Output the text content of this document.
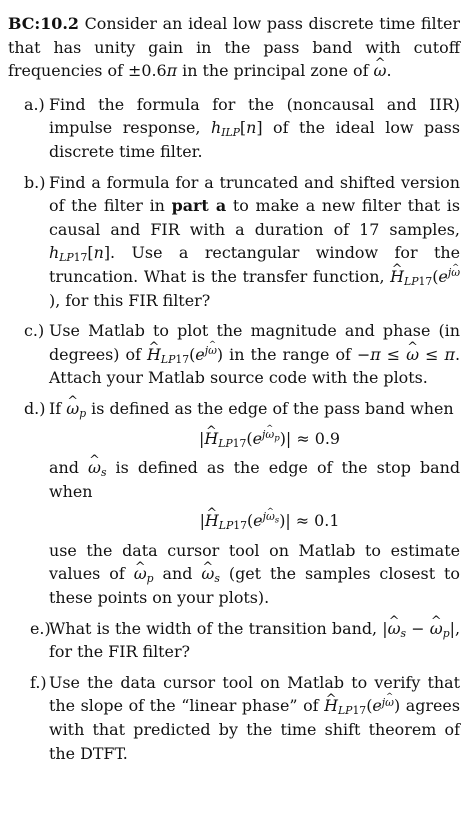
BC:10.2 Consider an ideal low pass discrete time filter that has unity gain in the pass band with cutoff frequencies of ±0.6π in the principal zone of ^ ω.

a.) Find the formula for the (noncausal and IIR) impulse response, $h_{ILP}[n]$ of the ideal low pass discrete time filter.
b.) Find a formula for a truncated and shifted version of the filter in part a to make a new filter that is causal and FIR with a duration of 17 samples, $h_{LP17}[n]$. Use a rectangular window for the truncation. What is the transfer function, ^ $H_{LP17}(e^{j\omega})$, for this FIR filter?
c.) Use Matlab to plot the magnitude and phase (in degrees) of ^ $H_{LP17}(e^{j\omega})$ in the range of −π ≤ ^ ω ≤ π. Attach your Matlab source code with the plots.
d.) If ^ $\omega_p$ is defined as the edge of the pass band when
|^ $H_{LP17}(e^{j\omega_p})| \approx 0.9$
and ^ $\omega_s$ is defined as the edge of the stop band when
|^ $H_{LP17}(e^{j\omega_s})| \approx 0.1$
use the data cursor tool on Matlab to estimate values of ^ $\omega_p$ and ^ $\omega_s$ (get the samples closest to these points on your plots).
e.)
What is the width of the transition band, |^ $\omega_s$ − ^ $\omega_p|$, for the FIR filter?
f.) Use the data cursor tool on Matlab to verify that the slope of the “linear phase” of ^ $H_{LP17}(e^{j\omega})$ agrees with that predicted by the time shift theorem of the DTFT.
